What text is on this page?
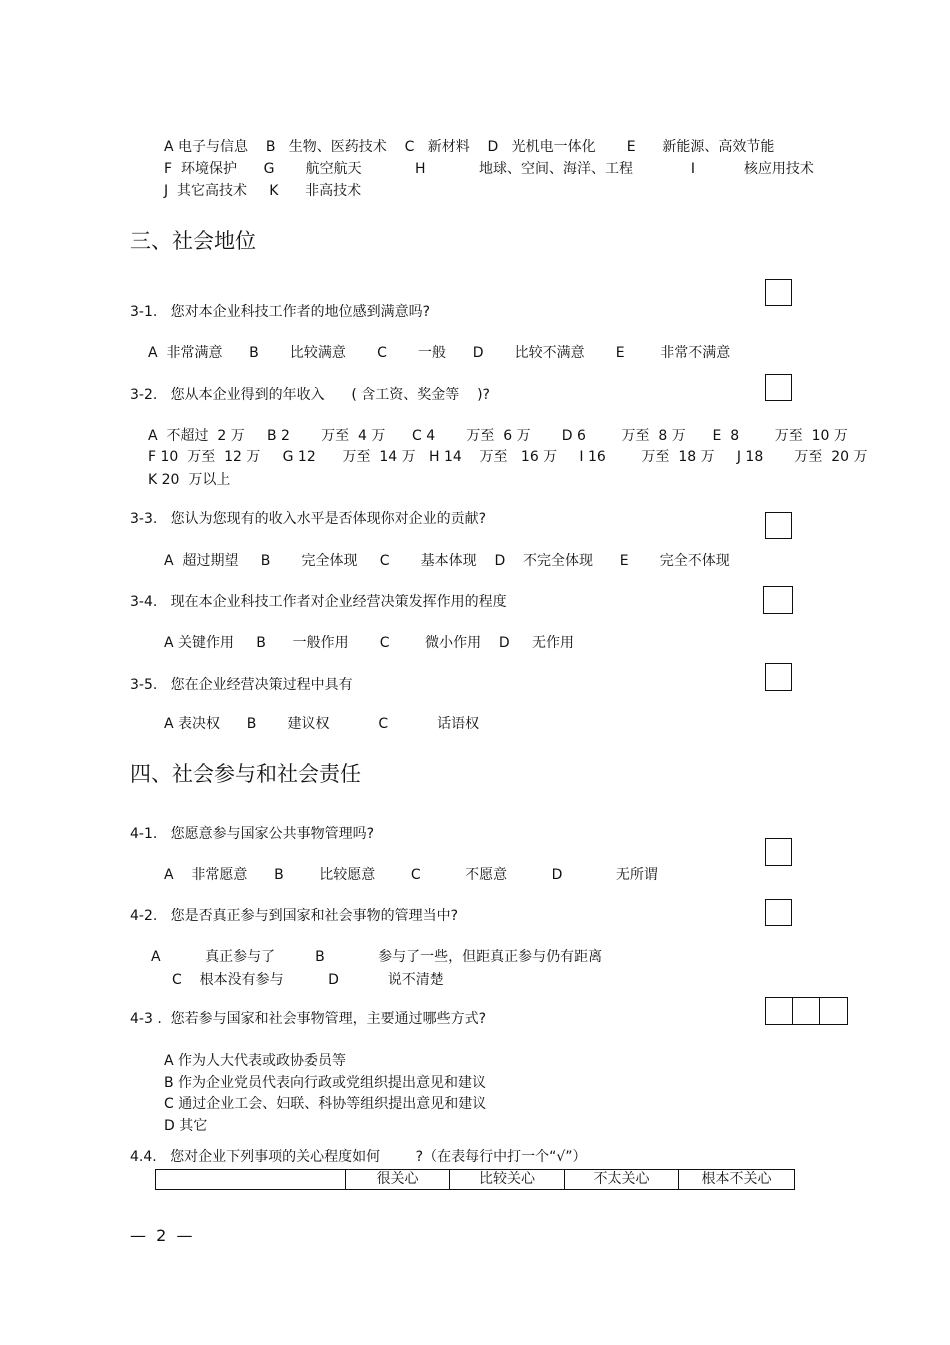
A 电子与信息    B   生物、医药技术    C   新材料    D   光机电一体化       E      新能源、高效节能
F  环境保护      G       航空航天            H            地球、空间、海洋、工程             I           核应用技术
J  其它高技术     K      非高技术
三、社会地位
3-1.   您对本企业科技工作者的地位感到满意吗?
A  非常满意      B       比较满意       C       一般      D       比较不满意       E        非常不满意
3-2.   您从本企业得到的年收入      ( 含工资、奖金等    )?
A  不超过  2 万     B 2       万至  4 万      C 4       万至  6 万       D 6        万至  8 万      E  8        万至  10 万
F 10  万至  12 万     G 12      万至  14 万   H 14    万至   16 万     I 16        万至  18 万     J 18       万至  20 万
K 20  万以上
3-3.   您认为您现有的收入水平是否体现你对企业的贡献?
A  超过期望     B       完全体现     C       基本体现    D    不完全体现      E       完全不体现
3-4.   现在本企业科技工作者对企业经营决策发挥作用的程度
A 关键作用     B      一般作用       C        微小作用    D     无作用
3-5.   您在企业经营决策过程中具有
A 表决权      B       建议权           C           话语权
四、社会参与和社会责任
4-1.   您愿意参与国家公共事物管理吗?
A    非常愿意      B        比较愿意        C          不愿意          D            无所谓
4-2.   您是否真正参与到国家和社会事物的管理当中?
A          真正参与了         B            参与了一些，但距真正参与仍有距离
C    根本没有参与          D           说不清楚
4-3 .  您若参与国家和社会事物管理，主要通过哪些方式?
A 作为人大代表或政协委员等
B 作为企业党员代表向行政或党组织提出意见和建议
C 通过企业工会、妇联、科协等组织提出意见和建议
D 其它
4.4.   您对企业下列事项的关心程度如何        ?（在表每行中打一个“√”）
	很关心	比较关心	不太关心	根本不关心
—  2  —
